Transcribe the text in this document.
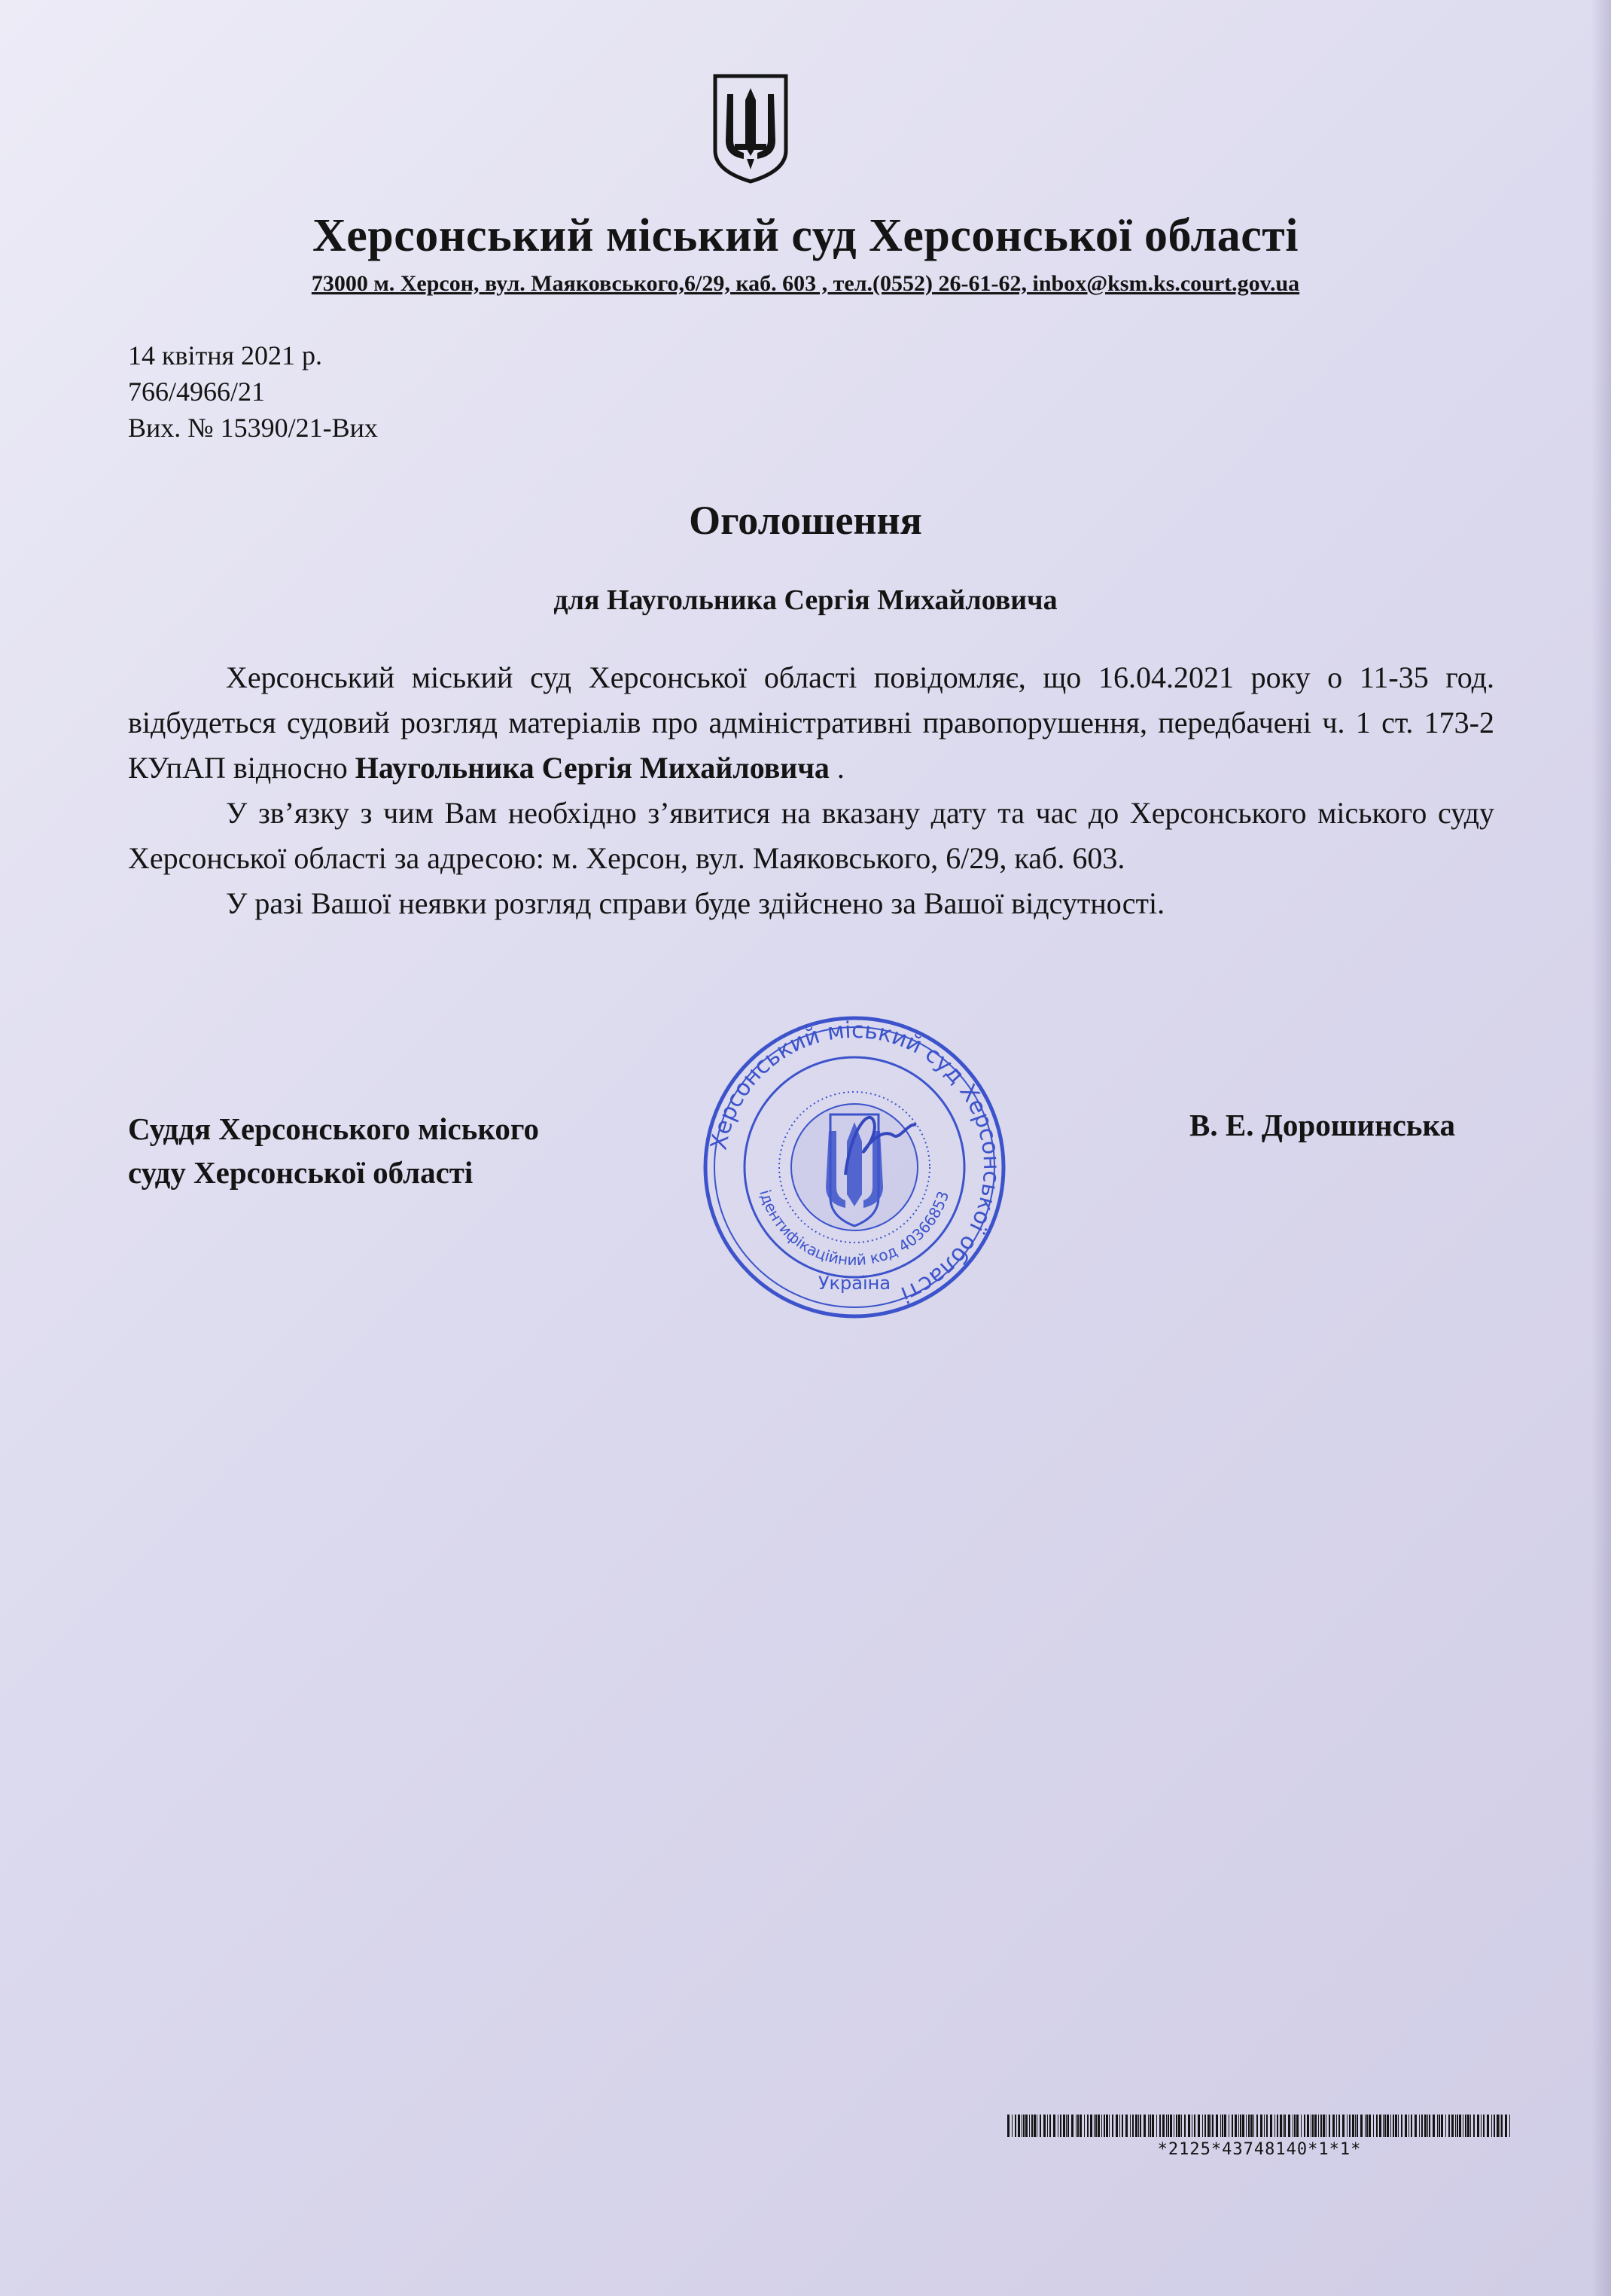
Херсонський міський суд Херсонської області
73000 м. Херсон, вул. Маяковського,6/29, каб. 603 , тел.(0552) 26-61-62, inbox@ksm.ks.court.gov.ua
14 квітня 2021 р.
766/4966/21
Вих. № 15390/21-Вих
Оголошення
для Наугольника Сергія Михайловича

Херсонський міський суд Херсонської області повідомляє, що 16.04.2021 року о 11-35 год. відбудеться судовий розгляд матеріалів про адміністративні правопорушення, передбачені ч. 1 ст. 173-2 КУпАП відносно Наугольника Сергія Михайловича .

У зв’язку з чим Вам необхідно з’явитися на вказану дату та час до Херсонського міського суду Херсонської області за адресою: м. Херсон, вул. Маяковського, 6/29, каб. 603.

У разі Вашої неявки розгляд справи буде здійснено за Вашої відсутності.

Суддя Херсонського міського
суду Херсонської області
Херсонський міський суд Херсонської області
ідентифікаційний код 40366853
Україна
В. Е. Дорошинська
*2125*43748140*1*1*
